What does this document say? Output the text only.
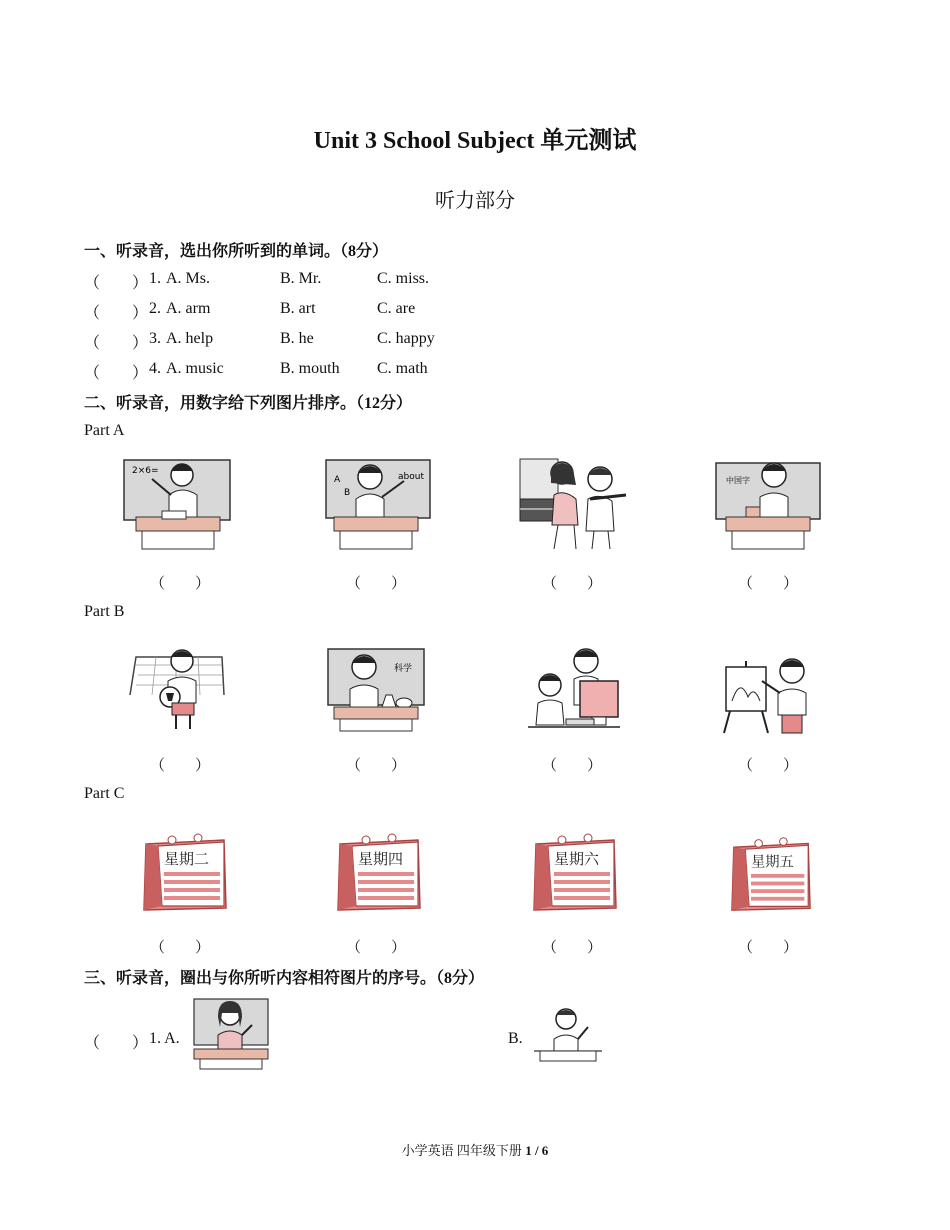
Unit 3 School Subject 单元测试
听力部分
一、听录音，选出你所听到的单词。（8分）
（　　） 1. A. Ms.	B. Mr.	C. miss.
（　　） 2. A. arm	B. art	C. are
（　　） 3. A. help	B. he	C. happy
（　　） 4. A. music	B. mouth C. math
二、听录音，用数字给下列图片排序。（12分）
Part A
2×6=
A
B
about	中国字
（　　）	（　　）	（　　）	（　　）
Part B
科学
（　　）	（　　）	（　　）	（　　）
Part C
星期二	星期四	星期六	星期五
（　　）	（　　）	（　　）	（　　）
三、听录音，圈出与你所听内容相符图片的序号。（8分）
（　　） 1. A.	B.
小学英语 四年级下册 1 / 6
